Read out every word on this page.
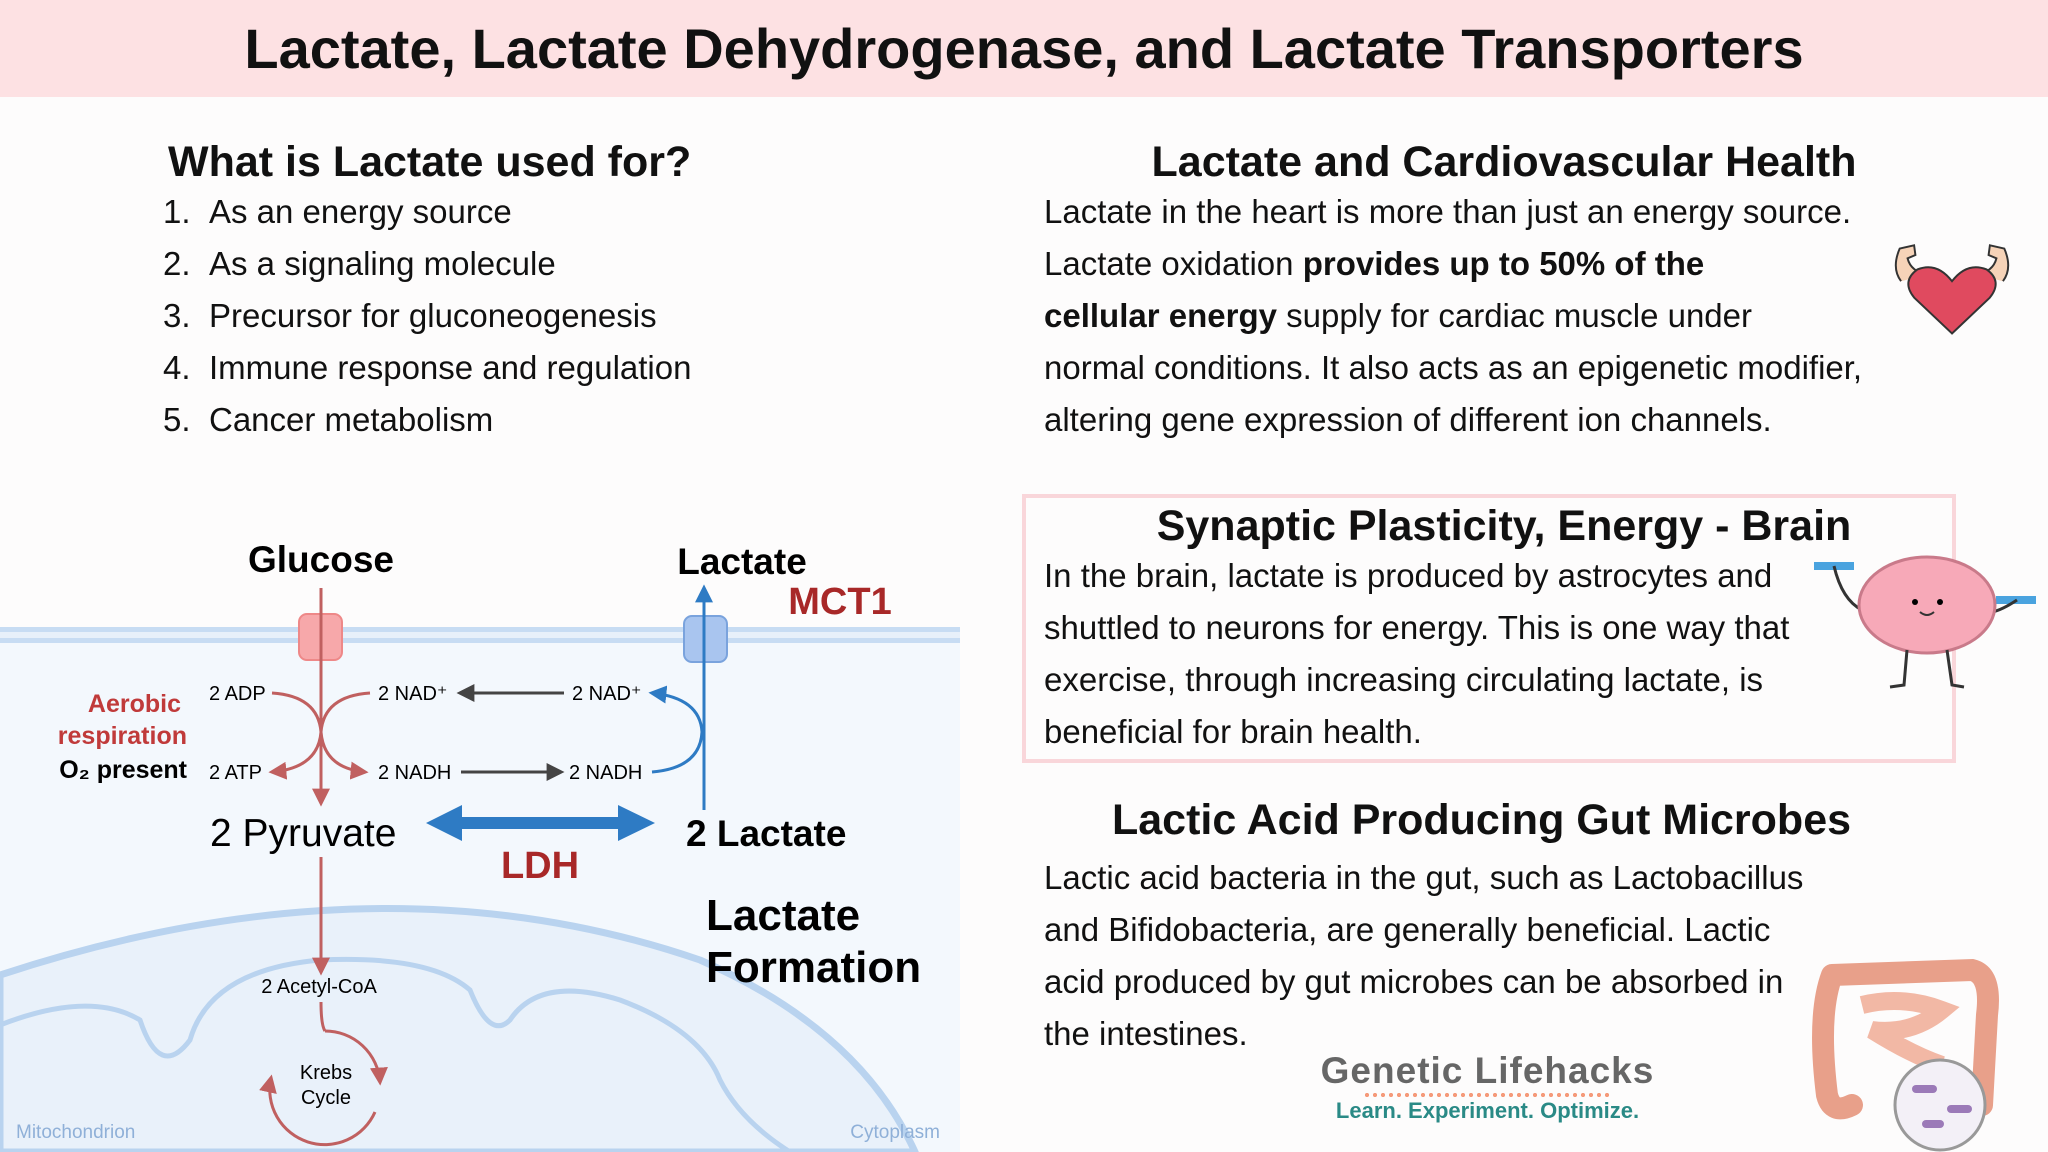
Lactate, Lactate Dehydrogenase, and Lactate Transporters
What is Lactate used for?
1. As an energy source
2. As a signaling molecule
3. Precursor for gluconeogenesis
4. Immune response and regulation
5. Cancer metabolism
Lactate and Cardiovascular Health
Lactate in the heart is more than just an energy source. Lactate oxidation provides up to 50% of the cellular energy supply for cardiac muscle under normal conditions. It also acts as an epigenetic modifier, altering gene expression of different ion channels.
Synaptic Plasticity, Energy - Brain
In the brain, lactate is produced by astrocytes and shuttled to neurons for energy. This is one way that exercise, through increasing circulating lactate, is beneficial for brain health.
Lactic Acid Producing Gut Microbes
Lactic acid bacteria in the gut, such as Lactobacillus and Bifidobacteria, are generally beneficial. Lactic acid produced by gut microbes can be absorbed in the intestines.
Genetic Lifehacks
Learn. Experiment. Optimize.
Glucose	Lactate
MCT1
LDH
2 Acetyl-CoA
Krebs
Cycle
2 ADP
2 ATP
2 NAD⁺	2 NAD⁺
2 NADH	2 NADH
Aerobic
respiration
O₂ present
2 Pyruvate	2 Lactate
Lactate
Formation
Mitochondrion	Cytoplasm
